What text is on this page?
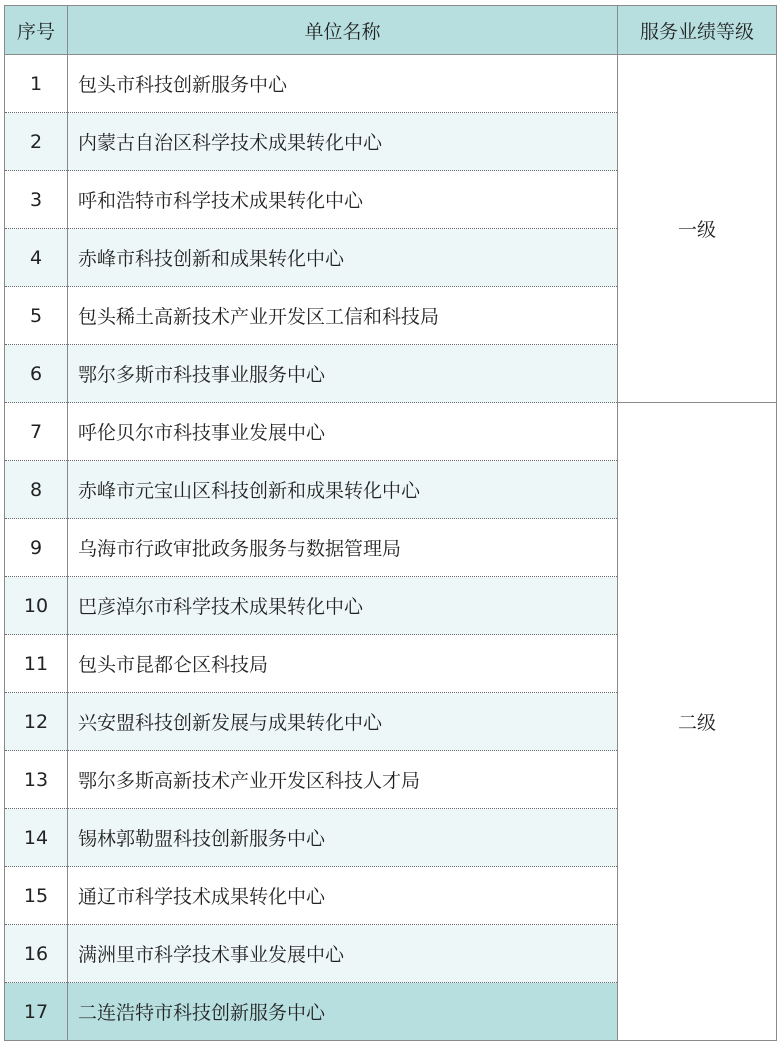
序号	单位名称	服务业绩等级
1	包头市科技创新服务中心	一级
2	内蒙古自治区科学技术成果转化中心	
3	呼和浩特市科学技术成果转化中心	
4	赤峰市科技创新和成果转化中心	
5	包头稀土高新技术产业开发区工信和科技局	
6	鄂尔多斯市科技事业服务中心	
7	呼伦贝尔市科技事业发展中心	二级
8	赤峰市元宝山区科技创新和成果转化中心	
9	乌海市行政审批政务服务与数据管理局	
10	巴彦淖尔市科学技术成果转化中心	
11	包头市昆都仑区科技局	
12	兴安盟科技创新发展与成果转化中心	
13	鄂尔多斯高新技术产业开发区科技人才局	
14	锡林郭勒盟科技创新服务中心	
15	通辽市科学技术成果转化中心	
16	满洲里市科学技术事业发展中心	
17	二连浩特市科技创新服务中心	
